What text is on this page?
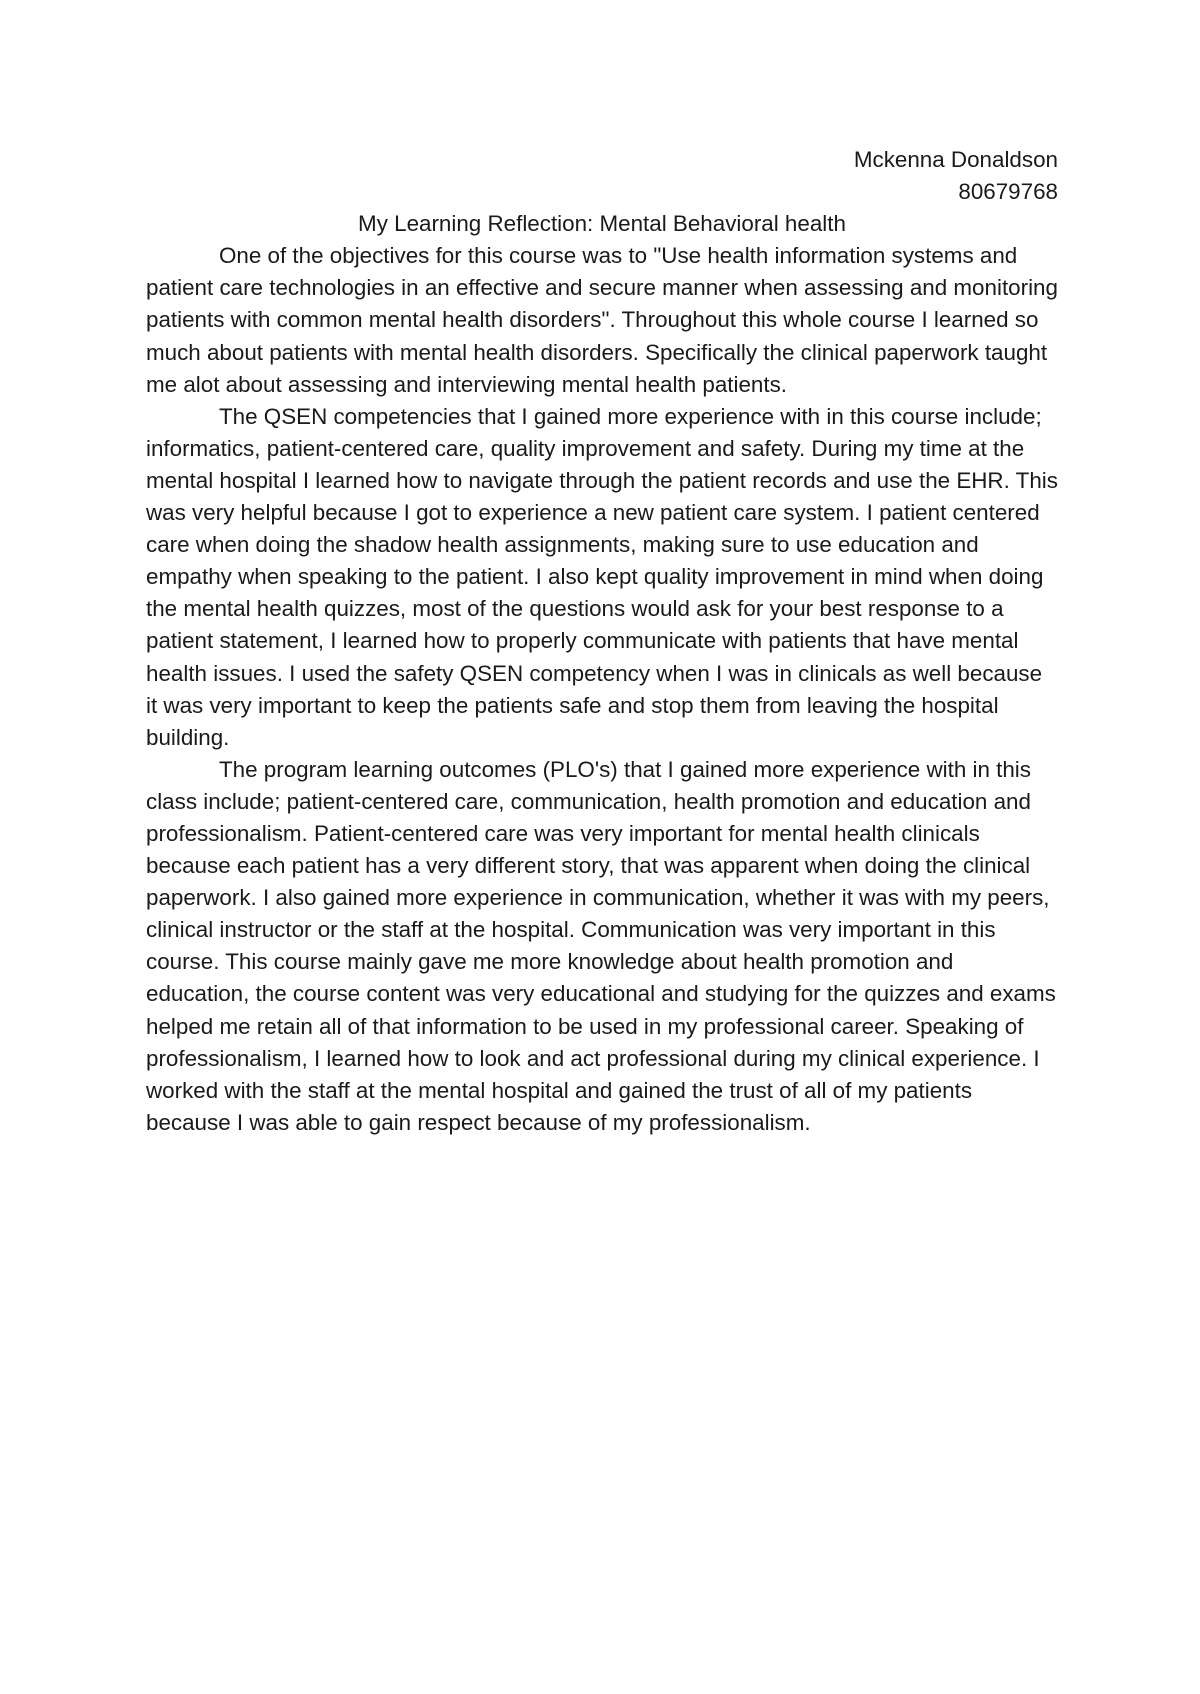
Mckenna Donaldson
80679768
My Learning Reflection: Mental Behavioral health

One of the objectives for this course was to "Use health information systems and patient care technologies in an effective and secure manner when assessing and monitoring patients with common mental health disorders". Throughout this whole course I learned so much about patients with mental health disorders. Specifically the clinical paperwork taught me alot about assessing and interviewing mental health patients.

The QSEN competencies that I gained more experience with in this course include; informatics, patient-centered care, quality improvement and safety. During my time at the mental hospital I learned how to navigate through the patient records and use the EHR. This was very helpful because I got to experience a new patient care system. I patient centered care when doing the shadow health assignments, making sure to use education and empathy when speaking to the patient. I also kept quality improvement in mind when doing the mental health quizzes, most of the questions would ask for your best response to a patient statement, I learned how to properly communicate with patients that have mental health issues. I used the safety QSEN competency when I was in clinicals as well because it was very important to keep the patients safe and stop them from leaving the hospital building.

The program learning outcomes (PLO's) that I gained more experience with in this class include; patient-centered care, communication, health promotion and education and professionalism. Patient-centered care was very important for mental health clinicals because each patient has a very different story, that was apparent when doing the clinical paperwork. I also gained more experience in communication, whether it was with my peers, clinical instructor or the staff at the hospital. Communication was very important in this course. This course mainly gave me more knowledge about health promotion and education, the course content was very educational and studying for the quizzes and exams helped me retain all of that information to be used in my professional career. Speaking of professionalism, I learned how to look and act professional during my clinical experience. I worked with the staff at the mental hospital and gained the trust of all of my patients because I was able to gain respect because of my professionalism.
